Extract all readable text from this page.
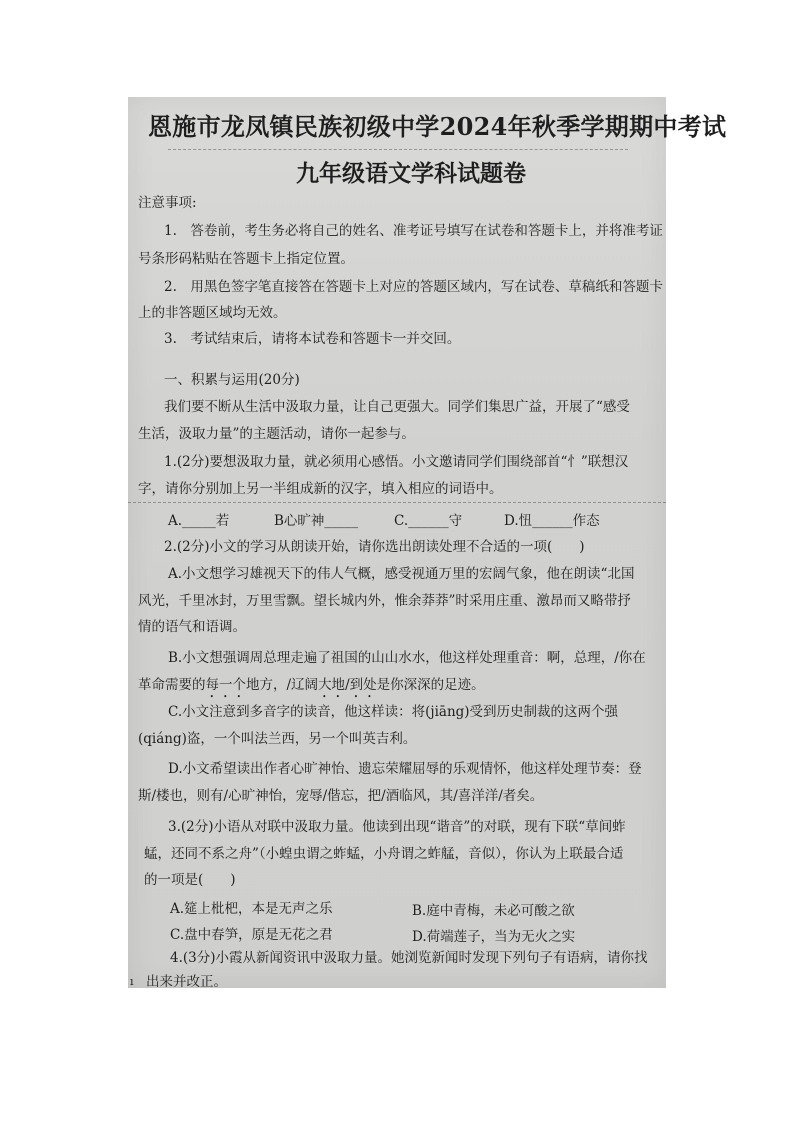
恩施市龙凤镇民族初级中学2024年秋季学期期中考试
九年级语文学科试题卷
注意事项:
1.　答卷前，考生务必将自己的姓名、准考证号填写在试卷和答题卡上，并将准考证
号条形码粘贴在答题卡上指定位置。
2.　用黑色签字笔直接答在答题卡上对应的答题区域内，写在试卷、草稿纸和答题卡
上的非答题区域均无效。
3.　考试结束后，请将本试卷和答题卡一并交回。
一、积累与运用(20分)
我们要不断从生活中汲取力量，让自己更强大。同学们集思广益，开展了“感受
生活，汲取力量”的主题活动，请你一起参与。
1.(2分)要想汲取力量，就必须用心感悟。小文邀请同学们围绕部首“忄”联想汉
字，请你分别加上另一半组成新的汉字，填入相应的词语中。
A._____若	B心旷神_____	C.______守	D.忸______作态
2.(2分)小文的学习从朗读开始，请你选出朗读处理不合适的一项(　　)
A.小文想学习雄视天下的伟人气概，感受视通万里的宏阔气象，他在朗读“北国
风光，千里冰封，万里雪飘。望长城内外，惟余莽莽”时采用庄重、激昂而又略带抒
情的语气和语调。
B.小文想强调周总理走遍了祖国的山山水水，他这样处理重音：啊，总理，/你在
革命需要的每一个地方，/辽阔大地/到处是你深深的足迹。
C.小文注意到多音字的读音，他这样读：将(jiāng)受到历史制裁的这两个强
(qiáng)盗，一个叫法兰西，另一个叫英吉利。
D.小文希望读出作者心旷神怡、遗忘荣耀屈辱的乐观情怀，他这样处理节奏：登
斯/楼也，则有/心旷神怡，宠辱/偕忘，把/酒临风，其/喜洋洋/者矣。
3.(2分)小语从对联中汲取力量。他读到出现“谐音”的对联，现有下联“草间蚱
蜢，还同不系之舟”（小蝗虫谓之蚱蜢，小舟谓之蚱艋，音似），你认为上联最合适
的一项是(　　)
A.筵上枇杷，本是无声之乐	B.庭中青梅，未必可酸之欲
C.盘中春笋，原是无花之君	D.荷端莲子，当为无火之实
4.(3分)小霞从新闻资讯中汲取力量。她浏览新闻时发现下列句子有语病，请你找
出来并改正。
ı
